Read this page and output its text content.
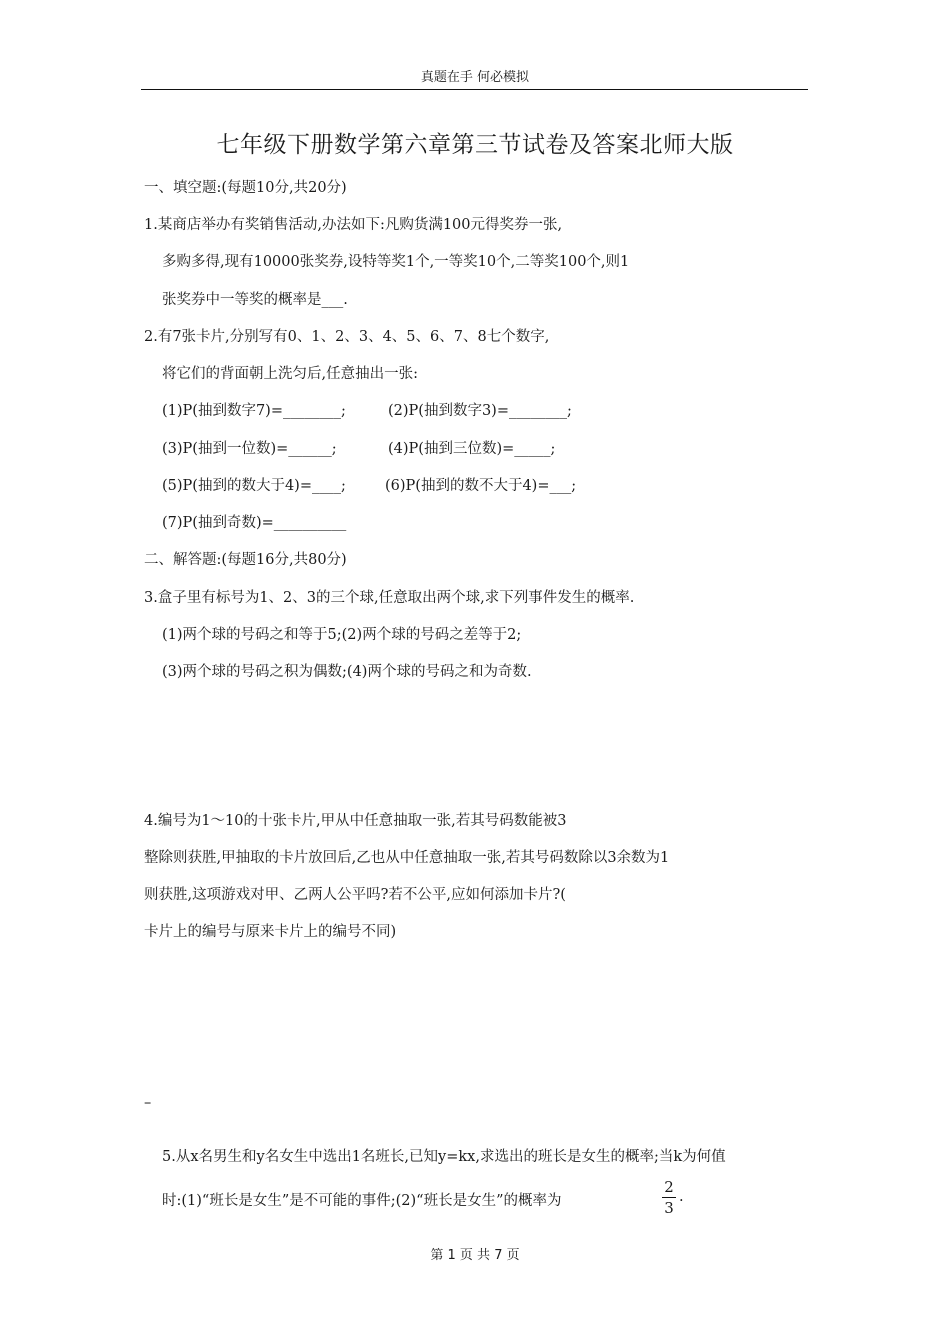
真题在手 何必模拟
七年级下册数学第六章第三节试卷及答案北师大版
一、填空题:(每题10分,共20分)
1.某商店举办有奖销售活动,办法如下:凡购货满100元得奖券一张,
多购多得,现有10000张奖券,设特等奖1个,一等奖10个,二等奖100个,则1
张奖券中一等奖的概率是___.
2.有7张卡片,分别写有0、1、2、3、4、5、6、7、8七个数字,
将它们的背面朝上洗匀后,任意抽出一张:
(1)P(抽到数字7)=________;	(2)P(抽到数字3)=________;
(3)P(抽到一位数)=______;	(4)P(抽到三位数)=_____;
(5)P(抽到的数大于4)=____;	(6)P(抽到的数不大于4)=___;
(7)P(抽到奇数)=__________
二、解答题:(每题16分,共80分)
3.盒子里有标号为1、2、3的三个球,任意取出两个球,求下列事件发生的概率.
(1)两个球的号码之和等于5;(2)两个球的号码之差等于2;
(3)两个球的号码之积为偶数;(4)两个球的号码之和为奇数.
4.编号为1～10的十张卡片,甲从中任意抽取一张,若其号码数能被3
整除则获胜,甲抽取的卡片放回后,乙也从中任意抽取一张,若其号码数除以3余数为1
则获胜,这项游戏对甲、乙两人公平吗?若不公平,应如何添加卡片?(
卡片上的编号与原来卡片上的编号不同)
–
5.从x名男生和y名女生中选出1名班长,已知y=kx,求选出的班长是女生的概率;当k为何值
时:(1)“班长是女生”是不可能的事件;(2)“班长是女生”的概率为
2
3
.
第 1 页 共 7 页
